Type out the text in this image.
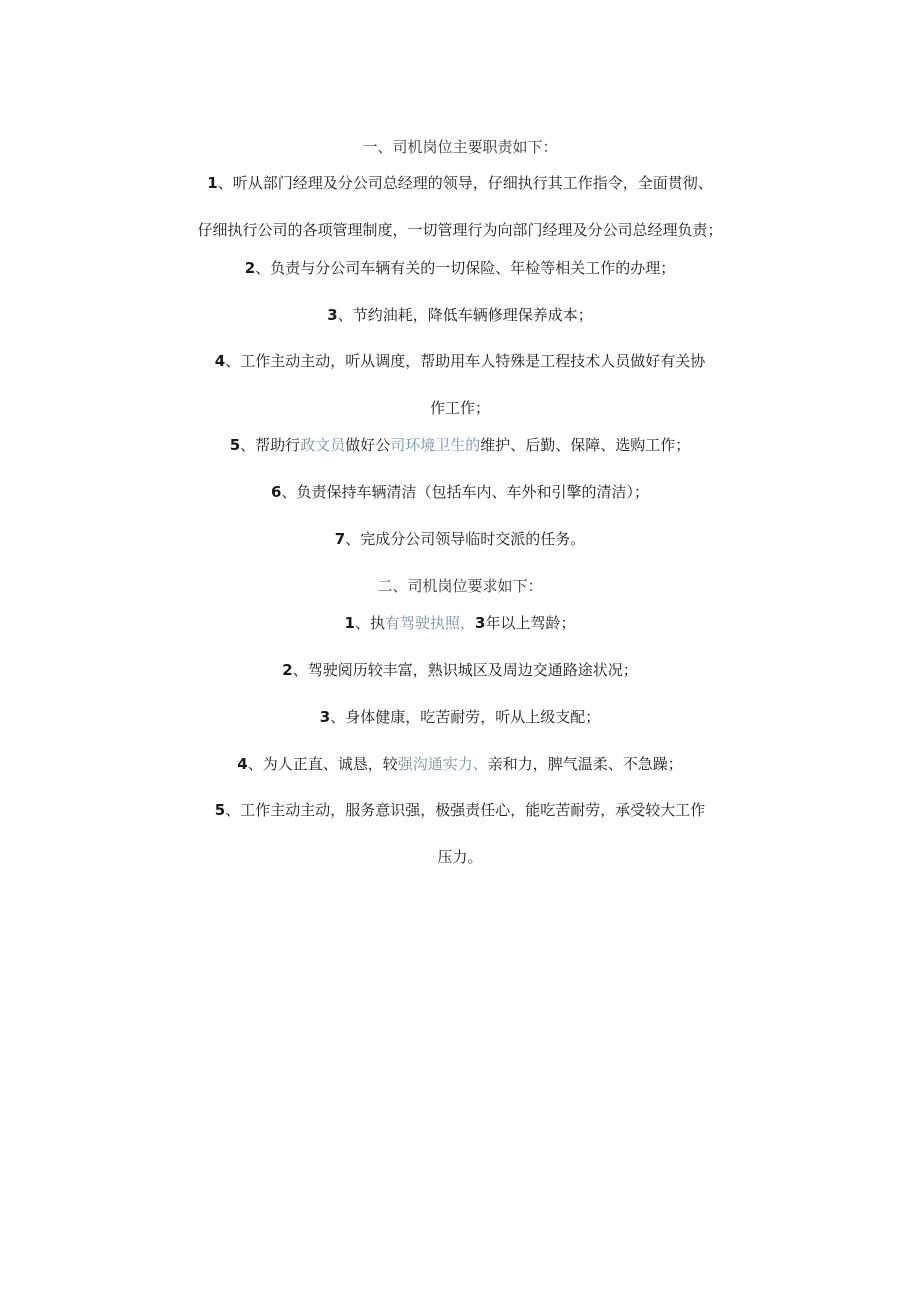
一、司机岗位主要职责如下：
1、听从部门经理及分公司总经理的领导，仔细执行其工作指令，全面贯彻、
仔细执行公司的各项管理制度，一切管理行为向部门经理及分公司总经理负责；
2、负责与分公司车辆有关的一切保险、年检等相关工作的办理；
3、节约油耗，降低车辆修理保养成本；
4、工作主动主动，听从调度，帮助用车人特殊是工程技术人员做好有关协
作工作；
5、帮助行政文员做好公司环境卫生的维护、后勤、保障、选购工作；
6、负责保持车辆清洁（包括车内、车外和引擎的清洁）；
7、完成分公司领导临时交派的任务。
二、司机岗位要求如下：
1、执有驾驶执照，3年以上驾龄；
2、驾驶阅历较丰富，熟识城区及周边交通路途状况；
3、身体健康，吃苦耐劳，听从上级支配；
4、为人正直、诚恳，较强沟通实力、亲和力，脾气温柔、不急躁；
5、工作主动主动，服务意识强，极强责任心，能吃苦耐劳，承受较大工作
压力。
